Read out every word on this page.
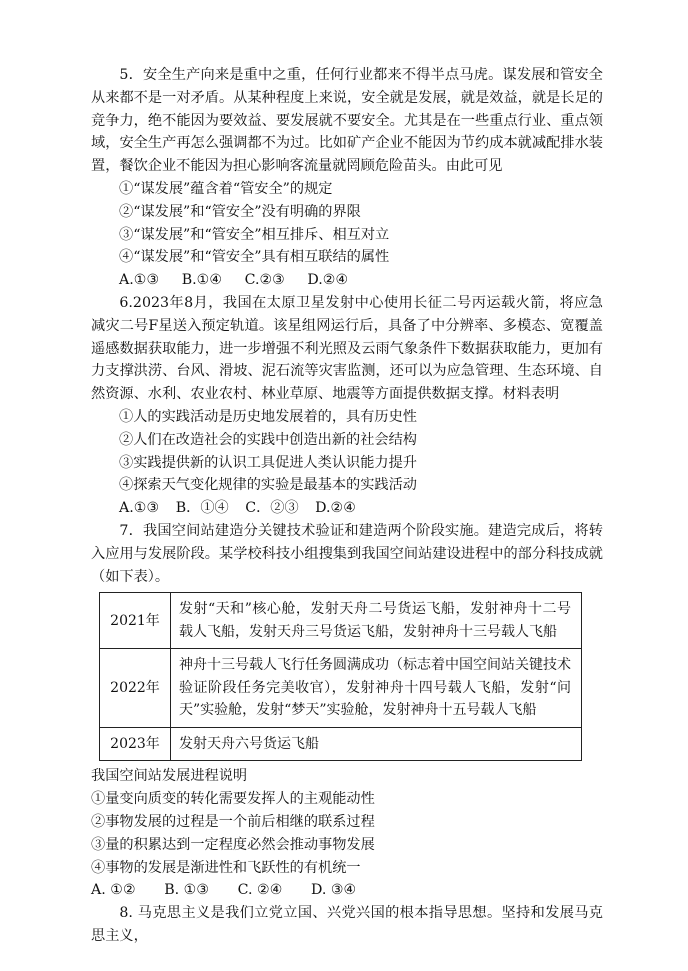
5．安全生产向来是重中之重，任何行业都来不得半点马虎。谋发展和管安全从来都不是一对矛盾。从某种程度上来说，安全就是发展，就是效益，就是长足的竞争力，绝不能因为要效益、要发展就不要安全。尤其是在一些重点行业、重点领域，安全生产再怎么强调都不为过。比如矿产企业不能因为节约成本就减配排水装置，餐饮企业不能因为担心影响客流量就罔顾危险苗头。由此可见

①“谋发展”蕴含着“管安全”的规定

②“谋发展”和“管安全”没有明确的界限

③“谋发展”和“管安全”相互排斥、相互对立

④“谋发展”和“管安全”具有相互联结的属性

A.①③ B.①④ C.②③ D.②④

6.2023年8月，我国在太原卫星发射中心使用长征二号丙运载火箭，将应急减灾二号F星送入预定轨道。该星组网运行后，具备了中分辨率、多模态、宽覆盖遥感数据获取能力，进一步增强不利光照及云雨气象条件下数据获取能力，更加有力支撑洪涝、台风、滑坡、泥石流等灾害监测，还可以为应急管理、生态环境、自然资源、水利、农业农村、林业草原、地震等方面提供数据支撑。材料表明

①人的实践活动是历史地发展着的，具有历史性

②人们在改造社会的实践中创造出新的社会结构

③实践提供新的认识工具促进人类认识能力提升

④探索天气变化规律的实验是最基本的实践活动

A.①③ B．①④ C．②③ D.②④

7．我国空间站建造分关键技术验证和建造两个阶段实施。建造完成后，将转入应用与发展阶段。某学校科技小组搜集到我国空间站建设进程中的部分科技成就（如下表）。

2021年	发射“天和”核心舱，发射天舟二号货运飞船，发射神舟十二号载人飞船，发射天舟三号货运飞船，发射神舟十三号载人飞船
2022年	神舟十三号载人飞行任务圆满成功（标志着中国空间站关键技术验证阶段任务完美收官），发射神舟十四号载人飞船，发射“问天”实验舱，发射“梦天”实验舱，发射神舟十五号载人飞船
2023年	发射天舟六号货运飞船

我国空间站发展进程说明

①量变向质变的转化需要发挥人的主观能动性

②事物发展的过程是一个前后相继的联系过程

③量的积累达到一定程度必然会推动事物发展

④事物的发展是渐进性和飞跃性的有机统一

A. ①② B. ①③ C. ②④ D. ③④

8. 马克思主义是我们立党立国、兴党兴国的根本指导思想。坚持和发展马克思主义，
